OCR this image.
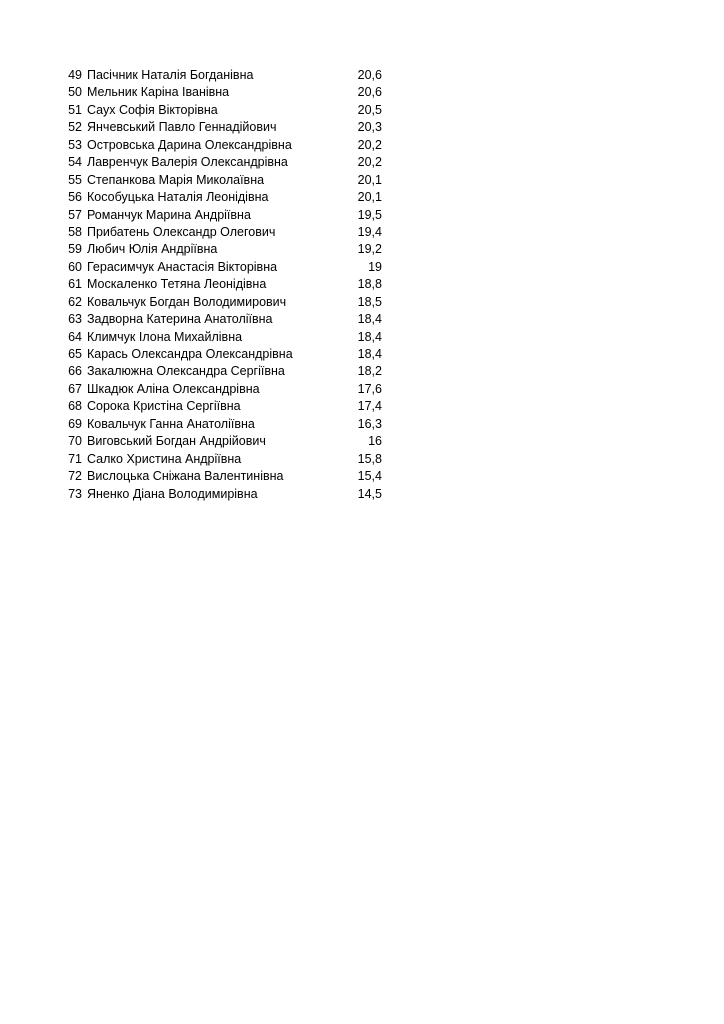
49 Пасічник Наталія Богданівна	20,6
50 Мельник Каріна Іванівна	20,6
51 Саух Софія Вікторівна	20,5
52 Янчевський Павло Геннадійович	20,3
53 Островська Дарина Олександрівна	20,2
54 Лавренчук Валерія Олександрівна	20,2
55 Степанкова Марія Миколаївна	20,1
56 Кособуцька Наталія Леонідівна	20,1
57 Романчук Марина Андріївна	19,5
58 Прибатень Олександр Олегович	19,4
59 Любич Юлія Андріївна	19,2
60 Герасимчук Анастасія Вікторівна	19
61 Москаленко Тетяна Леонідівна	18,8
62 Ковальчук Богдан Володимирович	18,5
63 Задворна Катерина Анатоліївна	18,4
64 Климчук Ілона Михайлівна	18,4
65 Карась Олександра Олександрівна	18,4
66 Закалюжна Олександра Сергіївна	18,2
67 Шкадюк Аліна Олександрівна	17,6
68 Сорока Кристіна Сергіївна	17,4
69 Ковальчук Ганна Анатоліївна	16,3
70 Виговський Богдан Андрійович	16
71 Салко Христина Андріївна	15,8
72 Вислоцька Сніжана Валентинівна	15,4
73 Яненко Діана Володимирівна	14,5
